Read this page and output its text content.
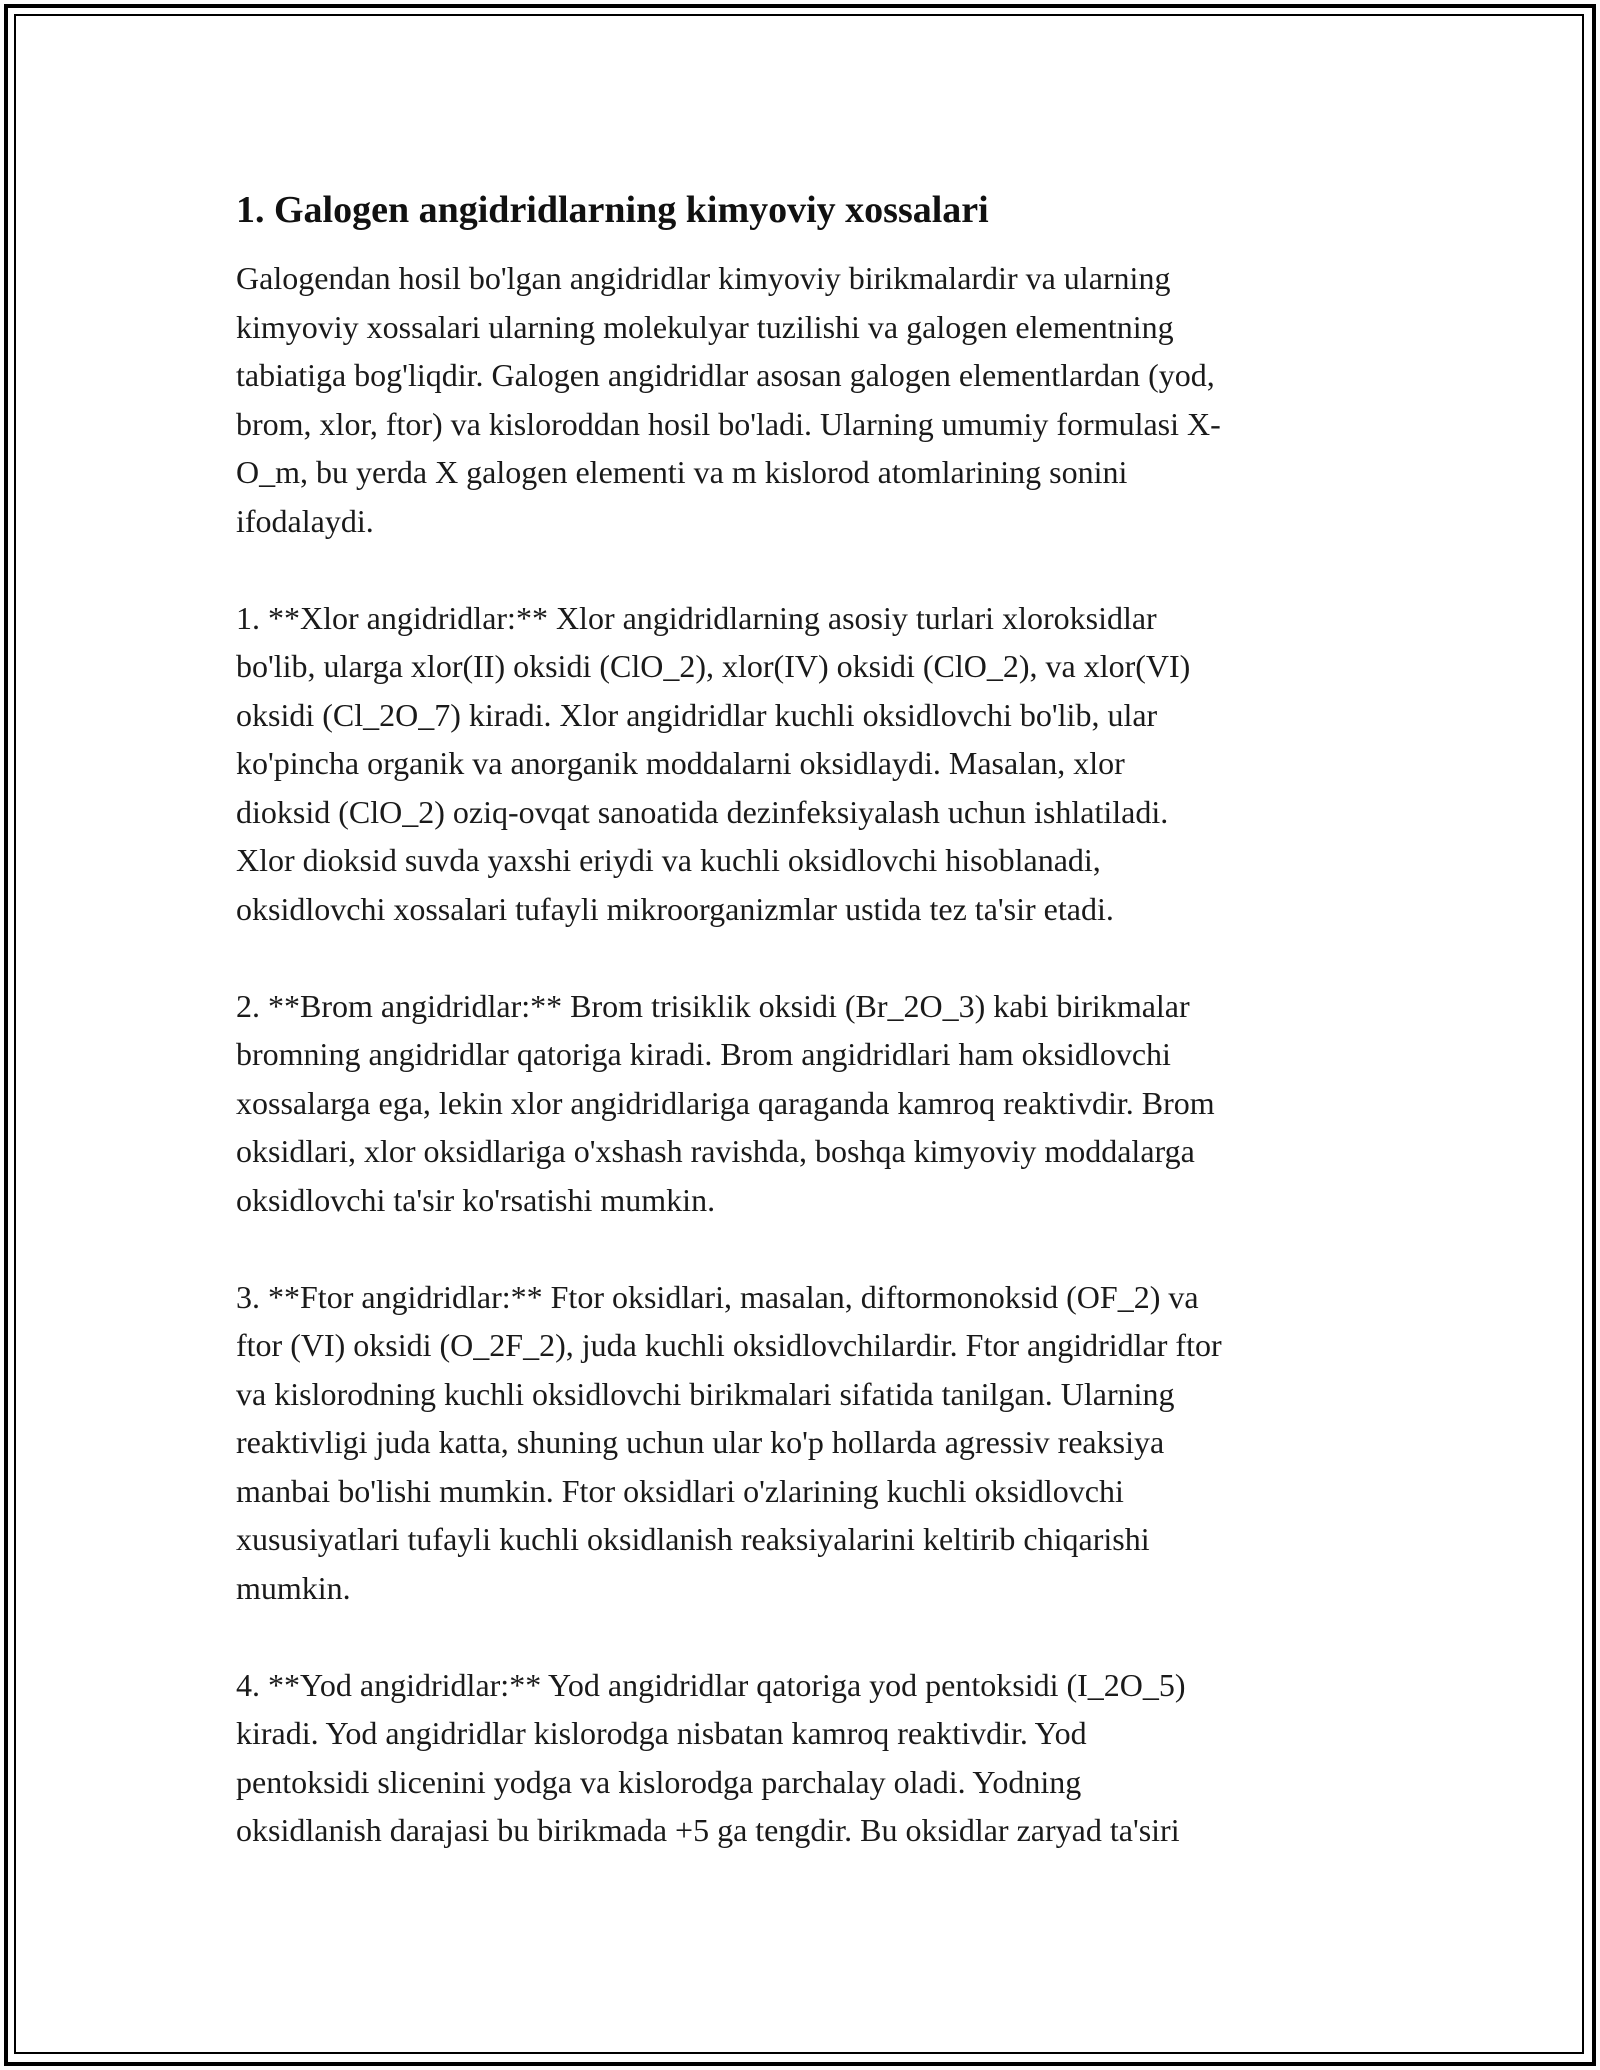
1. Galogen angidridlarning kimyoviy xossalari
Galogendan hosil bo'lgan angidridlar kimyoviy birikmalardir va ularning
kimyoviy xossalari ularning molekulyar tuzilishi va galogen elementning
tabiatiga bog'liqdir. Galogen angidridlar asosan galogen elementlardan (yod,
brom, xlor, ftor) va kisloroddan hosil bo'ladi. Ularning umumiy formulasi X-
O_m, bu yerda X galogen elementi va m kislorod atomlarining sonini
ifodalaydi.
1. **Xlor angidridlar:** Xlor angidridlarning asosiy turlari xloroksidlar
bo'lib, ularga xlor(II) oksidi (ClO_2), xlor(IV) oksidi (ClO_2), va xlor(VI)
oksidi (Cl_2O_7) kiradi. Xlor angidridlar kuchli oksidlovchi bo'lib, ular
ko'pincha organik va anorganik moddalarni oksidlaydi. Masalan, xlor
dioksid (ClO_2) oziq-ovqat sanoatida dezinfeksiyalash uchun ishlatiladi.
Xlor dioksid suvda yaxshi eriydi va kuchli oksidlovchi hisoblanadi,
oksidlovchi xossalari tufayli mikroorganizmlar ustida tez ta'sir etadi.
2. **Brom angidridlar:** Brom trisiklik oksidi (Br_2O_3) kabi birikmalar
bromning angidridlar qatoriga kiradi. Brom angidridlari ham oksidlovchi
xossalarga ega, lekin xlor angidridlariga qaraganda kamroq reaktivdir. Brom
oksidlari, xlor oksidlariga o'xshash ravishda, boshqa kimyoviy moddalarga
oksidlovchi ta'sir ko'rsatishi mumkin.
3. **Ftor angidridlar:** Ftor oksidlari, masalan, diftormonoksid (OF_2) va
ftor (VI) oksidi (O_2F_2), juda kuchli oksidlovchilardir. Ftor angidridlar ftor
va kislorodning kuchli oksidlovchi birikmalari sifatida tanilgan. Ularning
reaktivligi juda katta, shuning uchun ular ko'p hollarda agressiv reaksiya
manbai bo'lishi mumkin. Ftor oksidlari o'zlarining kuchli oksidlovchi
xususiyatlari tufayli kuchli oksidlanish reaksiyalarini keltirib chiqarishi
mumkin.
4. **Yod angidridlar:** Yod angidridlar qatoriga yod pentoksidi (I_2O_5)
kiradi. Yod angidridlar kislorodga nisbatan kamroq reaktivdir. Yod
pentoksidi slicenini yodga va kislorodga parchalay oladi. Yodning
oksidlanish darajasi bu birikmada +5 ga tengdir. Bu oksidlar zaryad ta'siri
